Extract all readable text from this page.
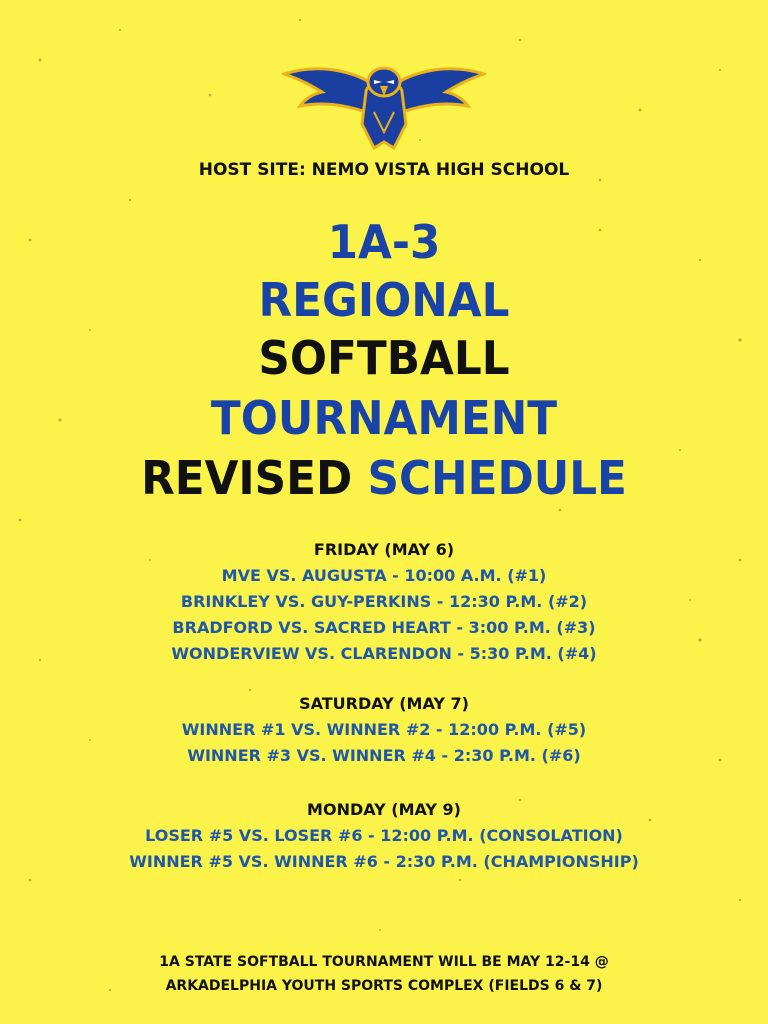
HOST SITE: NEMO VISTA HIGH SCHOOL
1A-3
REGIONAL
SOFTBALL
TOURNAMENT
REVISED SCHEDULE
FRIDAY (MAY 6)
MVE VS. AUGUSTA - 10:00 A.M. (#1)
BRINKLEY VS. GUY-PERKINS - 12:30 P.M. (#2)
BRADFORD VS. SACRED HEART - 3:00 P.M. (#3)
WONDERVIEW VS. CLARENDON - 5:30 P.M. (#4)
SATURDAY (MAY 7)
WINNER #1 VS. WINNER #2 - 12:00 P.M. (#5)
WINNER #3 VS. WINNER #4 - 2:30 P.M. (#6)
MONDAY (MAY 9)
LOSER #5 VS. LOSER #6 - 12:00 P.M. (CONSOLATION)
WINNER #5 VS. WINNER #6 - 2:30 P.M. (CHAMPIONSHIP)
1A STATE SOFTBALL TOURNAMENT WILL BE MAY 12-14 @
ARKADELPHIA YOUTH SPORTS COMPLEX (FIELDS 6 & 7)
